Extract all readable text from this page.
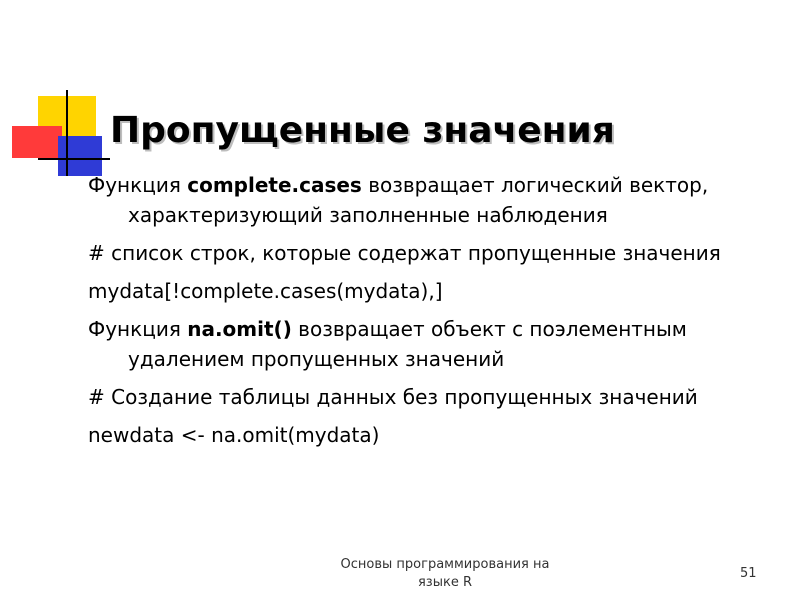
Пропущенные значения

Функция complete.cases возвращает логический вектор, характеризующий заполненные наблюдения

# список строк, которые содержат пропущенные значения

mydata[!complete.cases(mydata),]

Функция na.omit() возвращает объект с поэлементным удалением пропущенных значений

# Создание таблицы данных без пропущенных значений

newdata <- na.omit(mydata)

Основы программирования на языке R
51
